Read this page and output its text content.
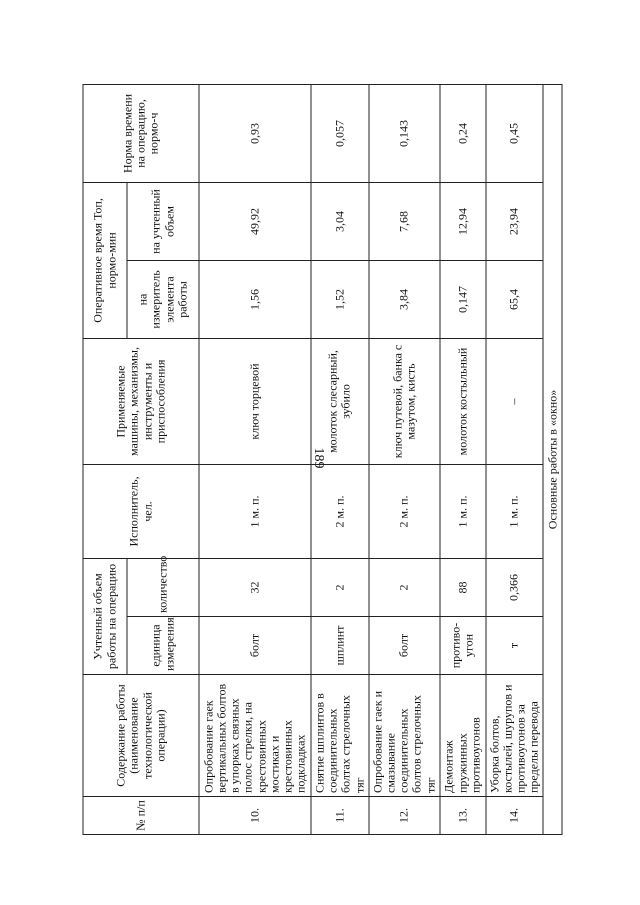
189
№ п/п	Содержание работы (наименование технологической операции)	Учтенный объем работы на операцию		Исполнитель, чел.	Применяемые машины, механизмы, инструменты и приспособления	Оперативное время Топ, нормо-мин		Норма времени на операцию, нормо-ч
		единица измерения	количество			на измеритель элемента работы	на учтенный объем	
10.	Опробование гаек вертикальных болтов в упорках связных полос стрелки, на крестовинных мостиках и крестовинных подкладках	болт	32	1 м. п.	ключ торцевой	1,56	49,92	0,93
11.	Снятие шплинтов в соединительных болтах стрелочных тяг	шплинт	2	2 м. п.	молоток слесарный, зубило	1,52	3,04	0,057
12.	Опробование гаек и смазывание соединительных болтов стрелочных тяг	болт	2	2 м. п.	ключ путевой, банка с мазутом, кисть	3,84	7,68	0,143
13.	Демонтаж пружинных противоугонов	противо-угон	88	1 м. п.	молоток костыльный	0,147	12,94	0,24
14.	Уборка болтов, костылей, шурупов и противоугонов за пределы перевода	т	0,366	1 м. п.	–	65,4	23,94	0,45
Основные работы в «окно»								
